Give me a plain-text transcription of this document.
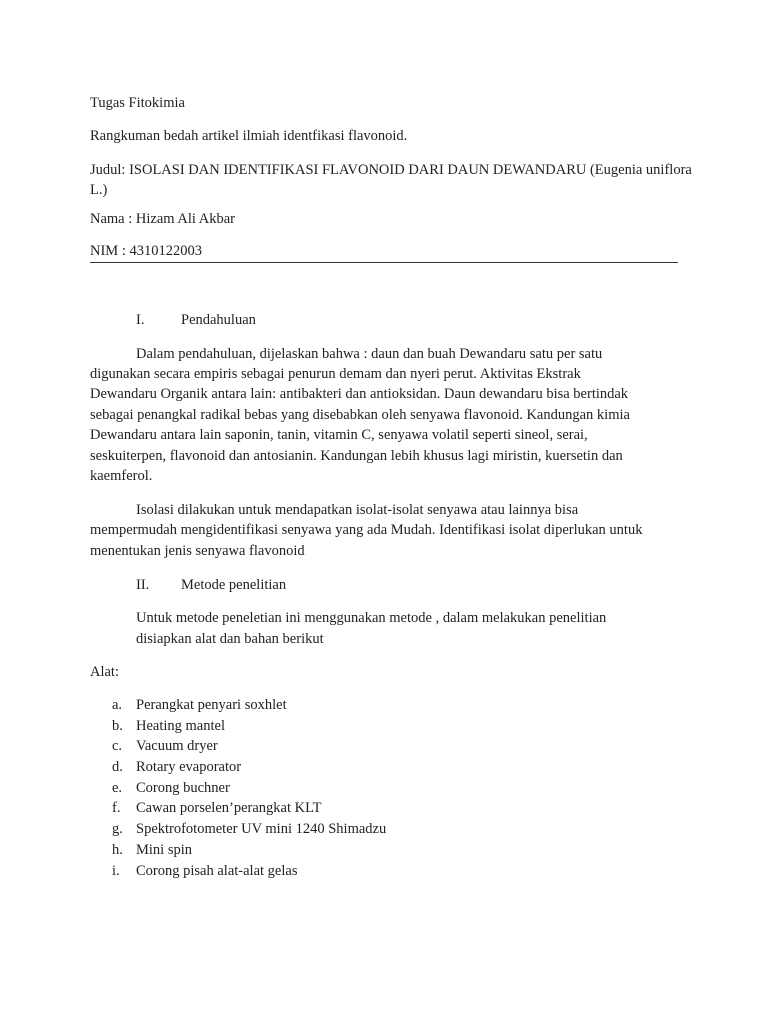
Tugas Fitokimia
Rangkuman bedah artikel ilmiah identfikasi flavonoid.
Judul: ISOLASI DAN IDENTIFIKASI FLAVONOID DARI DAUN DEWANDARU (Eugenia uniflora
L.)
Nama : Hizam Ali Akbar
NIM : 4310122003
I.	Pendahuluan
Dalam pendahuluan, dijelaskan bahwa : daun dan buah Dewandaru satu per satu
digunakan secara empiris sebagai penurun demam dan nyeri perut. Aktivitas Ekstrak
Dewandaru Organik antara lain: antibakteri dan antioksidan. Daun dewandaru bisa bertindak
sebagai penangkal radikal bebas yang disebabkan oleh senyawa flavonoid. Kandungan kimia
Dewandaru antara lain saponin, tanin, vitamin C, senyawa volatil seperti sineol, serai,
seskuiterpen, flavonoid dan antosianin. Kandungan lebih khusus lagi miristin, kuersetin dan
kaemferol.
Isolasi dilakukan untuk mendapatkan isolat-isolat senyawa atau lainnya bisa
mempermudah mengidentifikasi senyawa yang ada Mudah. Identifikasi isolat diperlukan untuk
menentukan jenis senyawa flavonoid
II. Metode penelitian
Untuk metode peneletian ini menggunakan metode , dalam melakukan penelitian
disiapkan alat dan bahan berikut
Alat:
a. Perangkat penyari soxhlet
b. Heating mantel
c. Vacuum dryer
d. Rotary evaporator
e. Corong buchner
f.	Cawan porselen’perangkat KLT
g. Spektrofotometer UV mini 1240 Shimadzu
h. Mini spin
i.	Corong pisah alat-alat gelas
